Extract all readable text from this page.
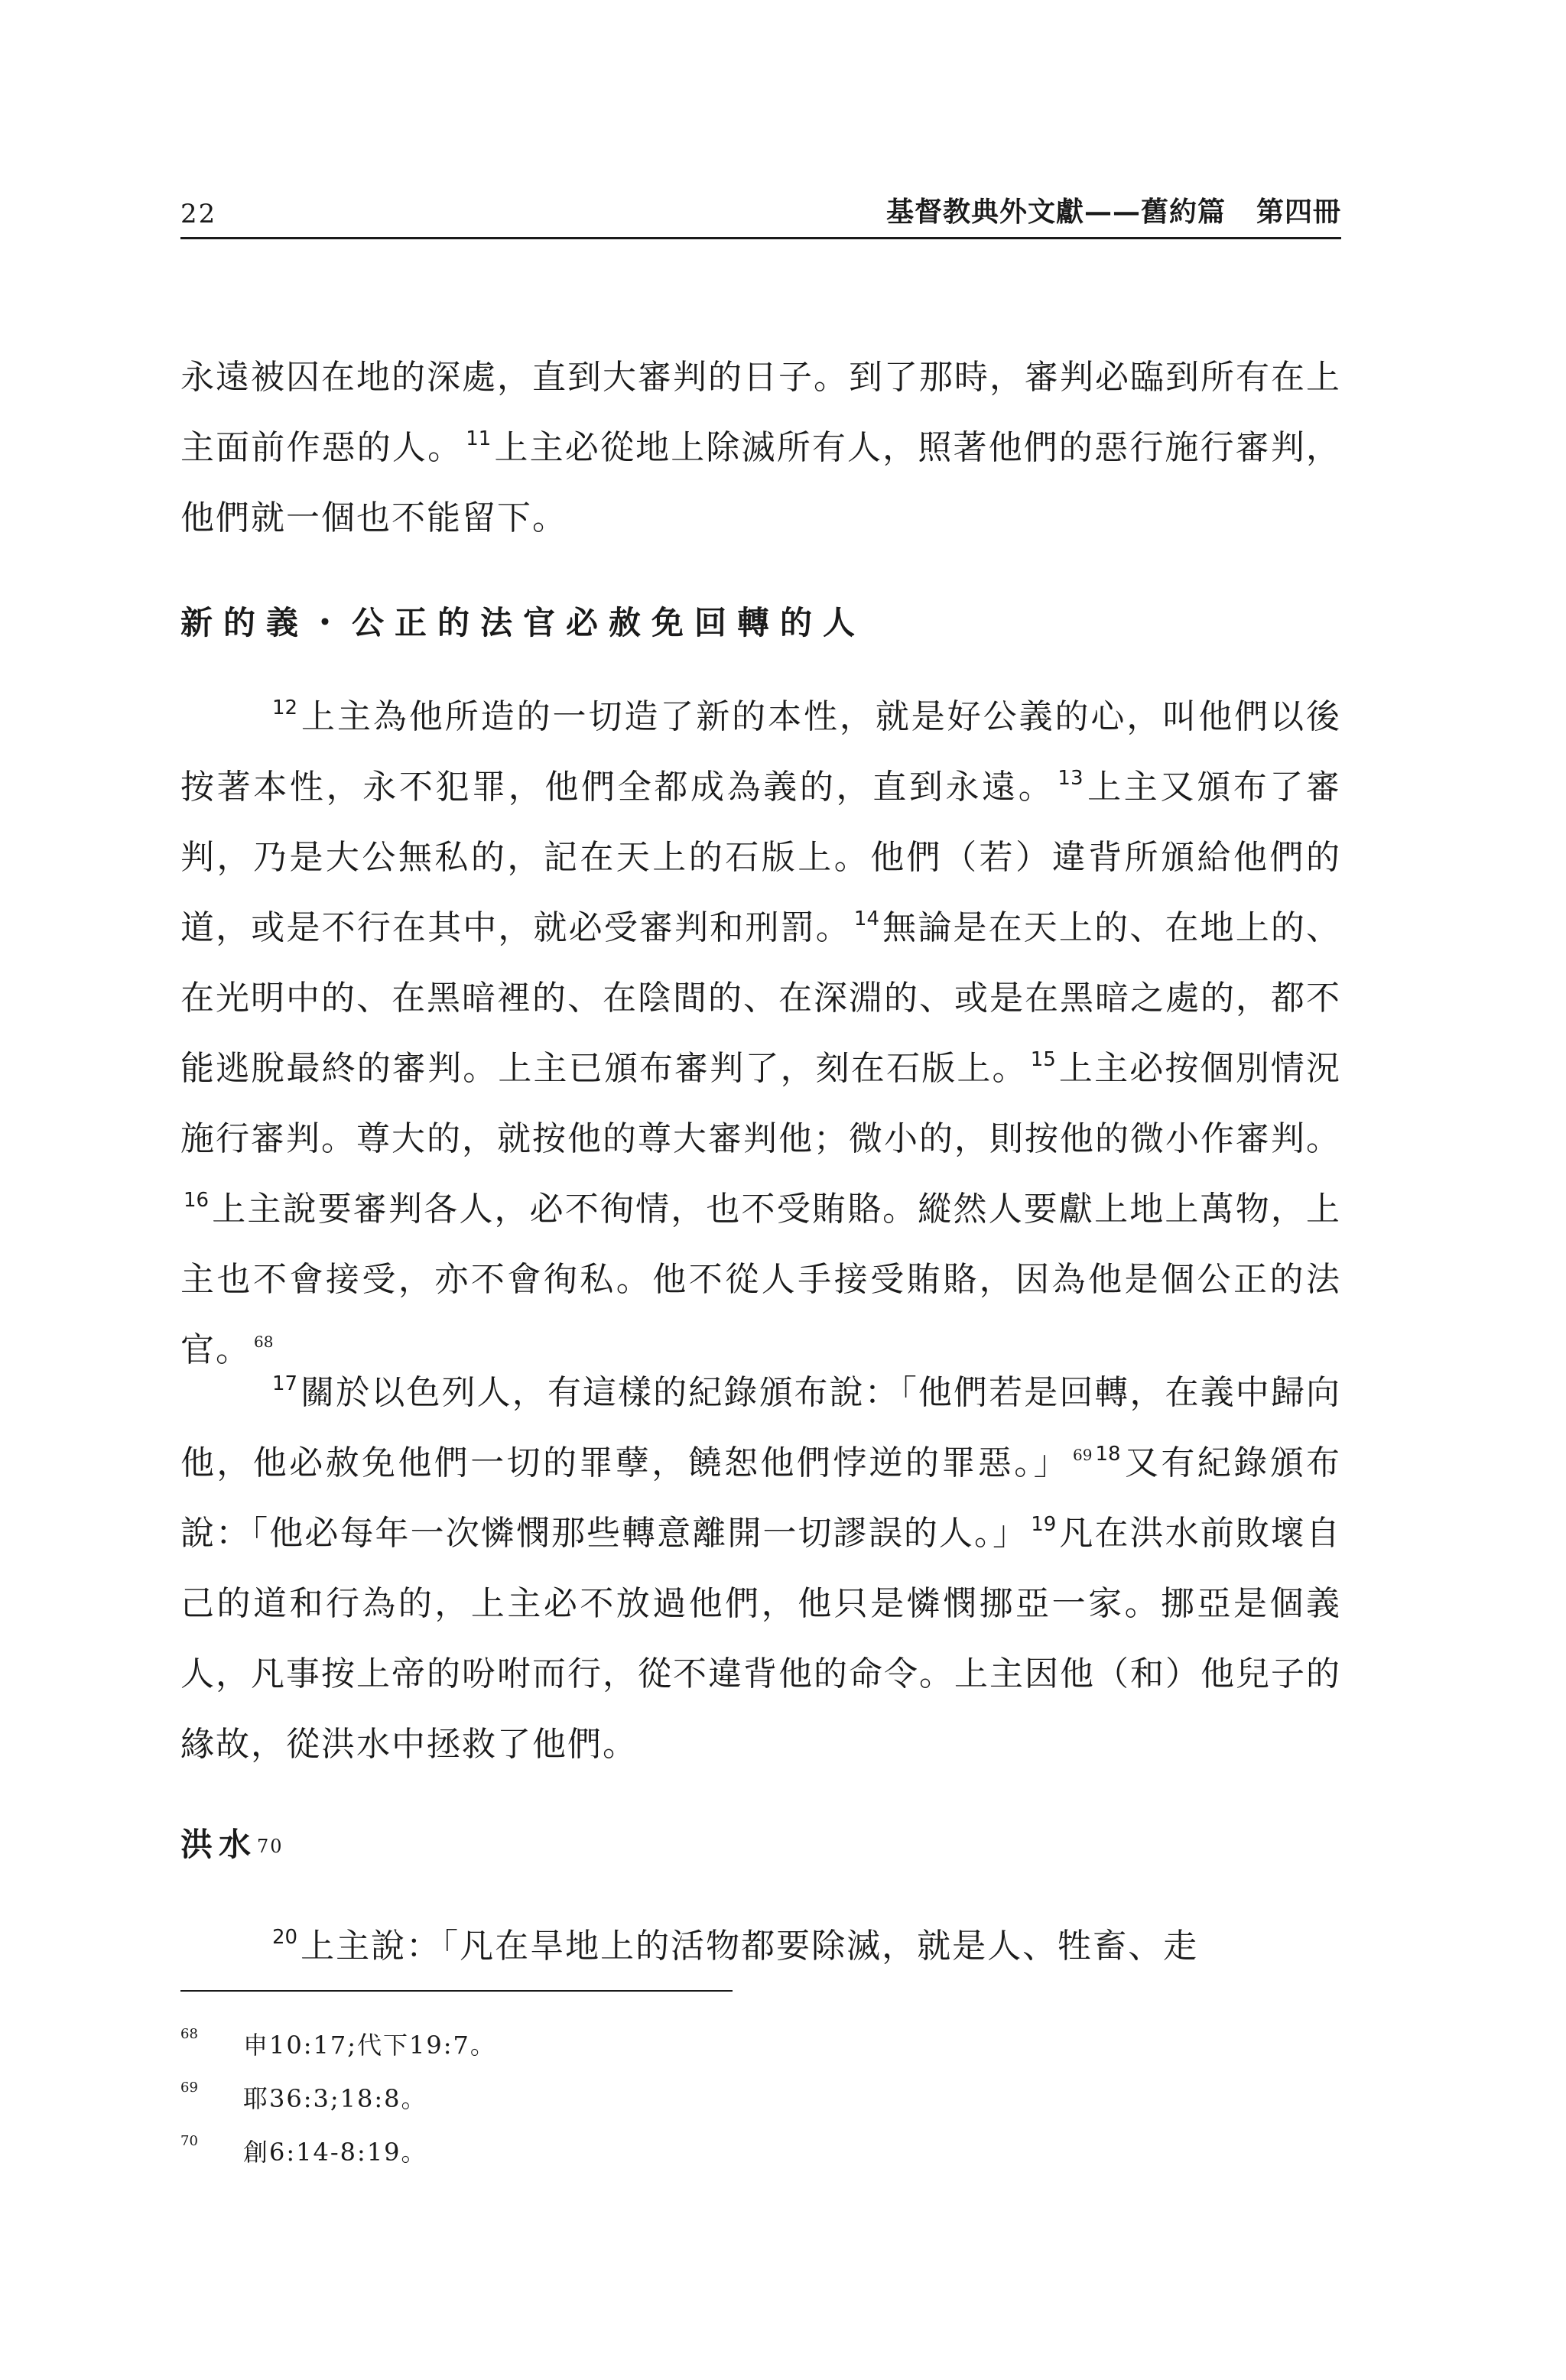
22	基督教典外文獻——舊約篇 第四冊
永遠被囚在地的深處，直到大審判的日子。到了那時，審判必臨到所有在上主面前作惡的人。 $^{11}$上主必從地上除滅所有人，照著他們的惡行施行審判，他們就一個也不能留下。
新的義・公正的法官必赦免回轉的人
$^{12}$上主為他所造的一切造了新的本性，就是好公義的心，叫他們以後按著本性，永不犯罪，他們全都成為義的，直到永遠。 $^{13}$上主又頒布了審判，乃是大公無私的，記在天上的石版上。他們（若）違背所頒給他們的道，或是不行在其中，就必受審判和刑罰。 $^{14}$無論是在天上的、在地上的、在光明中的、在黑暗裡的、在陰間的、在深淵的、或是在黑暗之處的，都不能逃脫最終的審判。上主已頒布審判了，刻在石版上。 $^{15}$上主必按個別情況施行審判。尊大的，就按他的尊大審判他；微小的，則按他的微小作審判。$^{16}$上主說要審判各人，必不徇情，也不受賄賂。縱然人要獻上地上萬物，上主也不會接受，亦不會徇私。他不從人手接受賄賂，因為他是個公正的法官。 $^{68}$
$^{17}$關於以色列人，有這樣的紀錄頒布說：「他們若是回轉，在義中歸向他，他必赦免他們一切的罪孽，饒恕他們悖逆的罪惡。」 $^{69}$ $^{18}$又有紀錄頒布說：「他必每年一次憐憫那些轉意離開一切謬誤的人。」 $^{19}$凡在洪水前敗壞自己的道和行為的，上主必不放過他們，他只是憐憫挪亞一家。挪亞是個義人，凡事按上帝的吩咐而行，從不違背他的命令。上主因他（和）他兒子的緣故，從洪水中拯救了他們。
洪水70
$^{20}$上主說：「凡在旱地上的活物都要除滅，就是人、牲畜、走
68 申10:17;代下19:7。
69 耶36:3;18:8。
70 創6:14-8:19。
